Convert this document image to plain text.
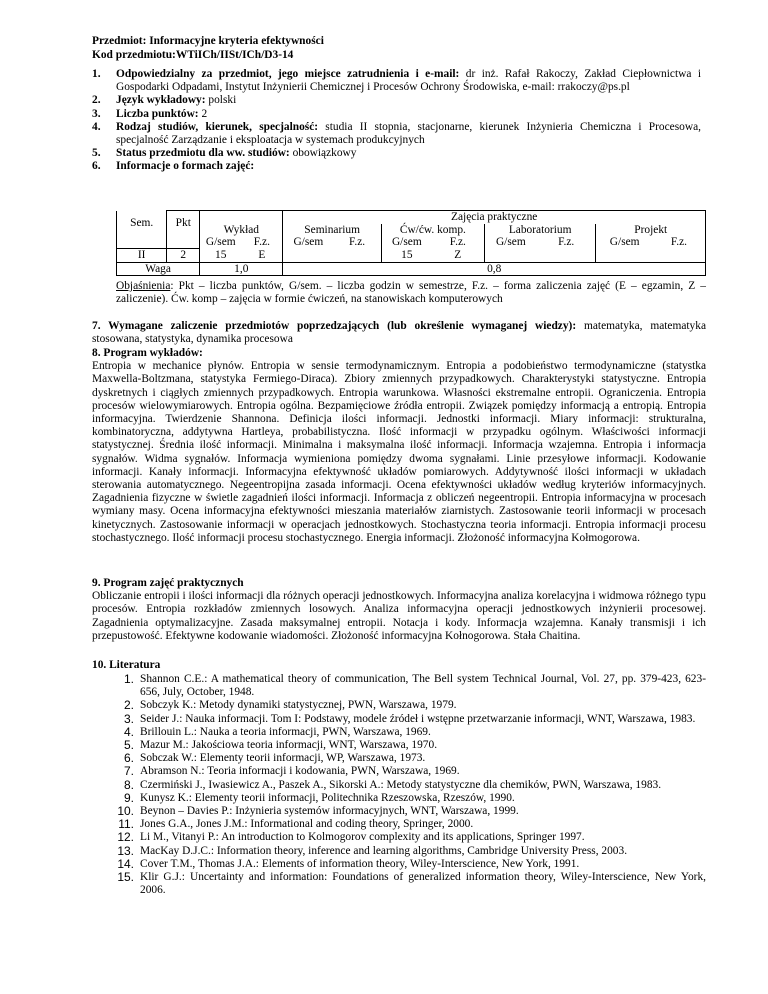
Przedmiot: Informacyjne kryteria efektywności
Kod przedmiotu:WTiICh/IISt/ICh/D3-14
1.	Odpowiedzialny za przedmiot, jego miejsce zatrudnienia i e-mail: dr inż. Rafał Rakoczy, Zakład Ciepłownictwa i Gospodarki Odpadami, Instytut Inżynierii Chemicznej i Procesów Ochrony Środowiska, e-mail: rrakoczy@ps.pl
2.	Język wykładowy: polski
3.	Liczba punktów: 2
4.	Rodzaj studiów, kierunek, specjalność: studia II stopnia, stacjonarne, kierunek Inżynieria Chemiczna i Procesowa, specjalność Zarządzanie i eksploatacja w systemach produkcyjnych
5.	Status przedmiotu dla ww. studiów: obowiązkowy
6.	Informacje o formach zajęć:
Sem.	Pkt	Wykład		Zajęcia praktyczne							
				Seminarium		Ćw/ćw. komp.		Laboratorium		Projekt	
		G/sem	F.z.	G/sem	F.z.	G/sem	F.z.	G/sem	F.z.	G/sem	F.z.
II	2	15	E			15	Z				
Waga		1,0		0,8							
Objaśnienia: Pkt – liczba punktów, G/sem. – liczba godzin w semestrze, F.z. – forma zaliczenia zajęć (E – egzamin, Z – zaliczenie). Ćw. komp – zajęcia w formie ćwiczeń, na stanowiskach komputerowych
7. Wymagane zaliczenie przedmiotów poprzedzających (lub określenie wymaganej wiedzy): matematyka, matematyka stosowana, statystyka, dynamika procesowa
8. Program wykładów:
Entropia w mechanice płynów. Entropia w sensie termodynamicznym. Entropia a podobieństwo termodynamiczne (statystka Maxwella-Boltzmana, statystyka Fermiego-Diraca). Zbiory zmiennych przypadkowych. Charakterystyki statystyczne. Entropia dyskretnych i ciągłych zmiennych przypadkowych. Entropia warunkowa. Własności ekstremalne entropii. Ograniczenia. Entropia procesów wielowymiarowych. Entropia ogólna. Bezpamięciowe źródła entropii. Związek pomiędzy informacją a entropią. Entropia informacyjna. Twierdzenie Shannona. Definicja ilości informacji. Jednostki informacji. Miary informacji: strukturalna, kombinatoryczna, addytywna Hartleya, probabilistyczna. Ilość informacji w przypadku ogólnym. Właściwości informacji statystycznej. Średnia ilość informacji. Minimalna i maksymalna ilość informacji. Informacja wzajemna. Entropia i informacja sygnałów. Widma sygnałów. Informacja wymieniona pomiędzy dwoma sygnałami. Linie przesyłowe informacji. Kodowanie informacji. Kanały informacji. Informacyjna efektywność układów pomiarowych. Addytywność ilości informacji w układach sterowania automatycznego. Negeentropijna zasada informacji. Ocena efektywności układów według kryteriów informacyjnych. Zagadnienia fizyczne w świetle zagadnień ilości informacji. Informacja z obliczeń negeentropii. Entropia informacyjna w procesach wymiany masy. Ocena informacyjna efektywności mieszania materiałów ziarnistych. Zastosowanie teorii informacji w procesach kinetycznych. Zastosowanie informacji w operacjach jednostkowych. Stochastyczna teoria informacji. Entropia informacji procesu stochastycznego. Ilość informacji procesu stochastycznego. Energia informacji. Złożoność informacyjna Kołmogorowa.
9. Program zajęć praktycznych
Obliczanie entropii i ilości informacji dla różnych operacji jednostkowych. Informacyjna analiza korelacyjna i widmowa różnego typu procesów. Entropia rozkładów zmiennych losowych. Analiza informacyjna operacji jednostkowych inżynierii procesowej. Zagadnienia optymalizacyjne. Zasada maksymalnej entropii. Notacja i kody. Informacja wzajemna. Kanały transmisji i ich przepustowość. Efektywne kodowanie wiadomości. Złożoność informacyjna Kołnogorowa. Stała Chaitina.
10. Literatura
1. Shannon C.E.: A mathematical theory of communication, The Bell system Technical Journal, Vol. 27, pp. 379-423, 623-656, July, October, 1948.
2. Sobczyk K.: Metody dynamiki statystycznej, PWN, Warszawa, 1979.
3. Seider J.: Nauka informacji. Tom I: Podstawy, modele źródeł i wstępne przetwarzanie informacji, WNT, Warszawa, 1983.
4. Brillouin L.: Nauka a teoria informacji, PWN, Warszawa, 1969.
5. Mazur M.: Jakościowa teoria informacji, WNT, Warszawa, 1970.
6. Sobczak W.: Elementy teorii informacji, WP, Warszawa, 1973.
7. Abramson N.: Teoria informacji i kodowania, PWN, Warszawa, 1969.
8. Czermiński J., Iwasiewicz A., Paszek A., Sikorski A.: Metody statystyczne dla chemików, PWN, Warszawa, 1983.
9. Kunysz K.: Elementy teorii informacji, Politechnika Rzeszowska, Rzeszów, 1990.
10. Beynon – Davies P.: Inżynieria systemów informacyjnych, WNT, Warszawa, 1999.
11. Jones G.A., Jones J.M.: Informational and coding theory, Springer, 2000.
12. Li M., Vitanyi P.: An introduction to Kolmogorov complexity and its applications, Springer 1997.
13. MacKay D.J.C.: Information theory, inference and learning algorithms, Cambridge University Press, 2003.
14. Cover T.M., Thomas J.A.: Elements of information theory, Wiley-Interscience, New York, 1991.
15. Klir G.J.: Uncertainty and information: Foundations of generalized information theory, Wiley-Interscience, New York, 2006.
